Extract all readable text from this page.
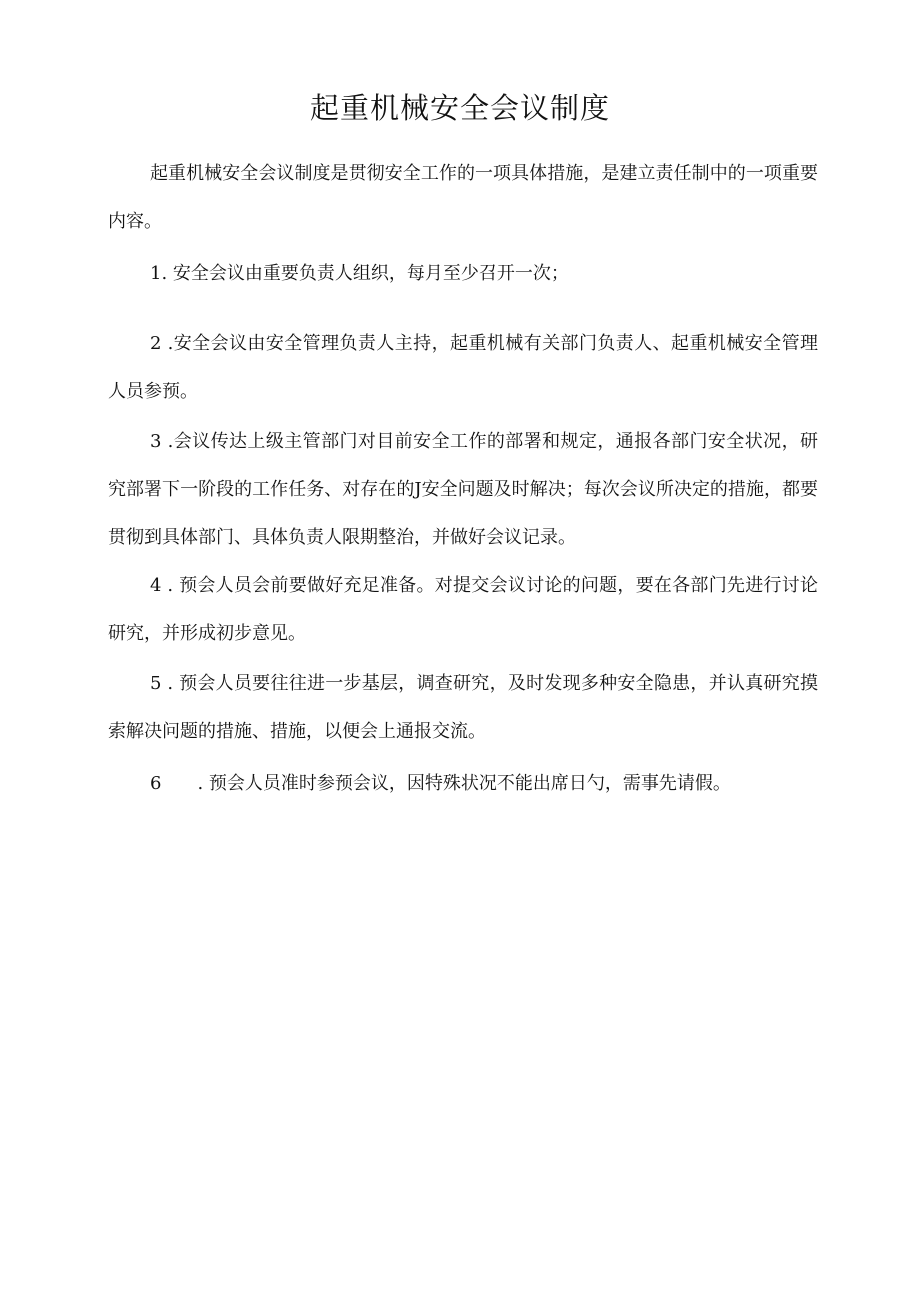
起重机械安全会议制度
起重机械安全会议制度是贯彻安全工作的一项具体措施，是建立责任制中的一项重要内容。
1. 安全会议由重要负责人组织，每月至少召开一次；
2 .安全会议由安全管理负责人主持，起重机械有关部门负责人、起重机械安全管理人员参预。
3 .会议传达上级主管部门对目前安全工作的部署和规定，通报各部门安全状况，研究部署下一阶段的工作任务、对存在的J安全问题及时解决；每次会议所决定的措施，都要贯彻到具体部门、具体负责人限期整治，并做好会议记录。
4 . 预会人员会前要做好充足准备。对提交会议讨论的问题，要在各部门先进行讨论研究，并形成初步意见。
5 . 预会人员要往往进一步基层，调查研究，及时发现多种安全隐患，并认真研究摸索解决问题的措施、措施，以便会上通报交流。
6 . 预会人员准时参预会议，因特殊状况不能出席日勺，需事先请假。
